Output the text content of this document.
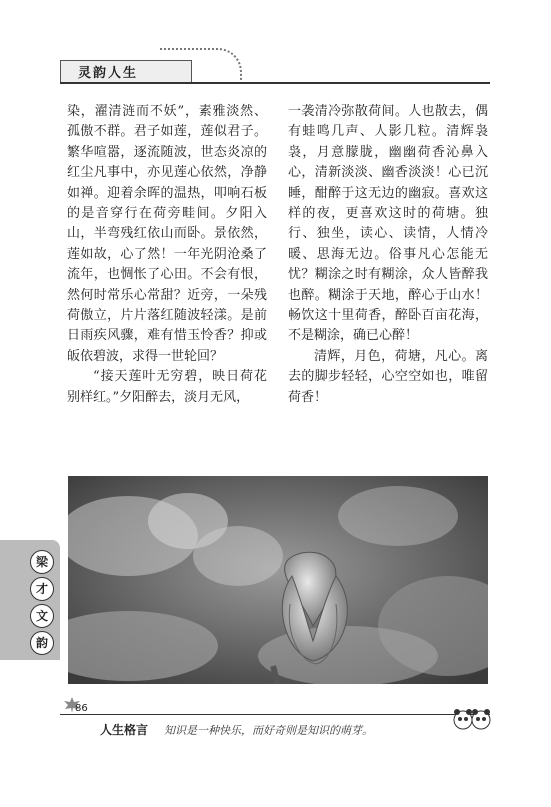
灵韵人生

染，濯清涟而不妖”，素雅淡然、孤傲不群。君子如莲，莲似君子。繁华喧嚣，逐流随波，世态炎凉的红尘凡事中，亦见莲心依然，净静如禅。迎着余晖的温热，叩响石板的是音穿行在荷旁畦间。夕阳入山，半弯残红依山而卧。景依然，莲如故，心了然！一年光阴沧桑了流年，也惆怅了心田。不会有恨，然何时常乐心常甜？近旁，一朵残荷傲立，片片落红随波轻漾。是前日雨疾风骤，难有惜玉怜香？抑或皈依碧波，求得一世轮回？

“接天莲叶无穷碧，映日荷花别样红。”夕阳醉去，淡月无风，

一袭清冷弥散荷间。人也散去，偶有蛙鸣几声、人影几粒。清辉袅袅，月意朦胧，幽幽荷香沁鼻入心，清新淡淡、幽香淡淡！心已沉睡，酣醉于这无边的幽寂。喜欢这样的夜，更喜欢这时的荷塘。独行、独坐，读心、读情，人情冷暖、思海无边。俗事凡心怎能无忧？糊涂之时有糊涂，众人皆醉我也醉。糊涂于天地，醉心于山水！畅饮这十里荷香，醉卧百亩花海，不是糊涂，确已心醉！

清辉，月色，荷塘，凡心。离去的脚步轻轻，心空空如也，唯留荷香！

梁
才
文
韵
86
人生格言 知识是一种快乐，而好奇则是知识的萌芽。
